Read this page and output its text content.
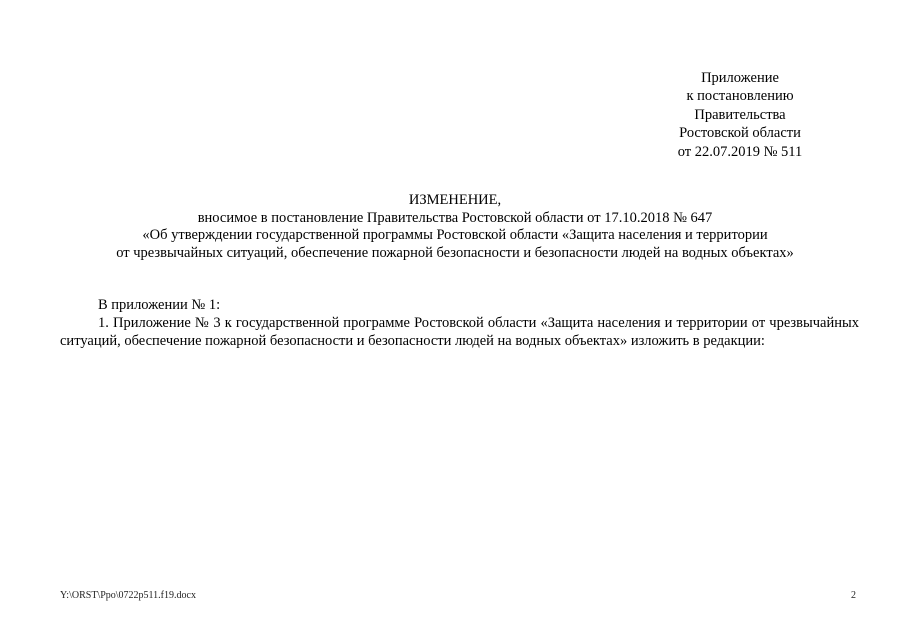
Приложение
к постановлению
Правительства
Ростовской области
от 22.07.2019 № 511
ИЗМЕНЕНИЕ,
вносимое в постановление Правительства Ростовской области от 17.10.2018 № 647
«Об утверждении государственной программы Ростовской области «Защита населения и территории
от чрезвычайных ситуаций, обеспечение пожарной безопасности и безопасности людей на водных объектах»

В приложении № 1:

1. Приложение № 3 к государственной программе Ростовской области «Защита населения и территории от чрезвычайных ситуаций, обеспечение пожарной безопасности и безопасности людей на водных объектах» изложить в редакции:

Y:\ORST\Ppo\0722p511.f19.docx	2
